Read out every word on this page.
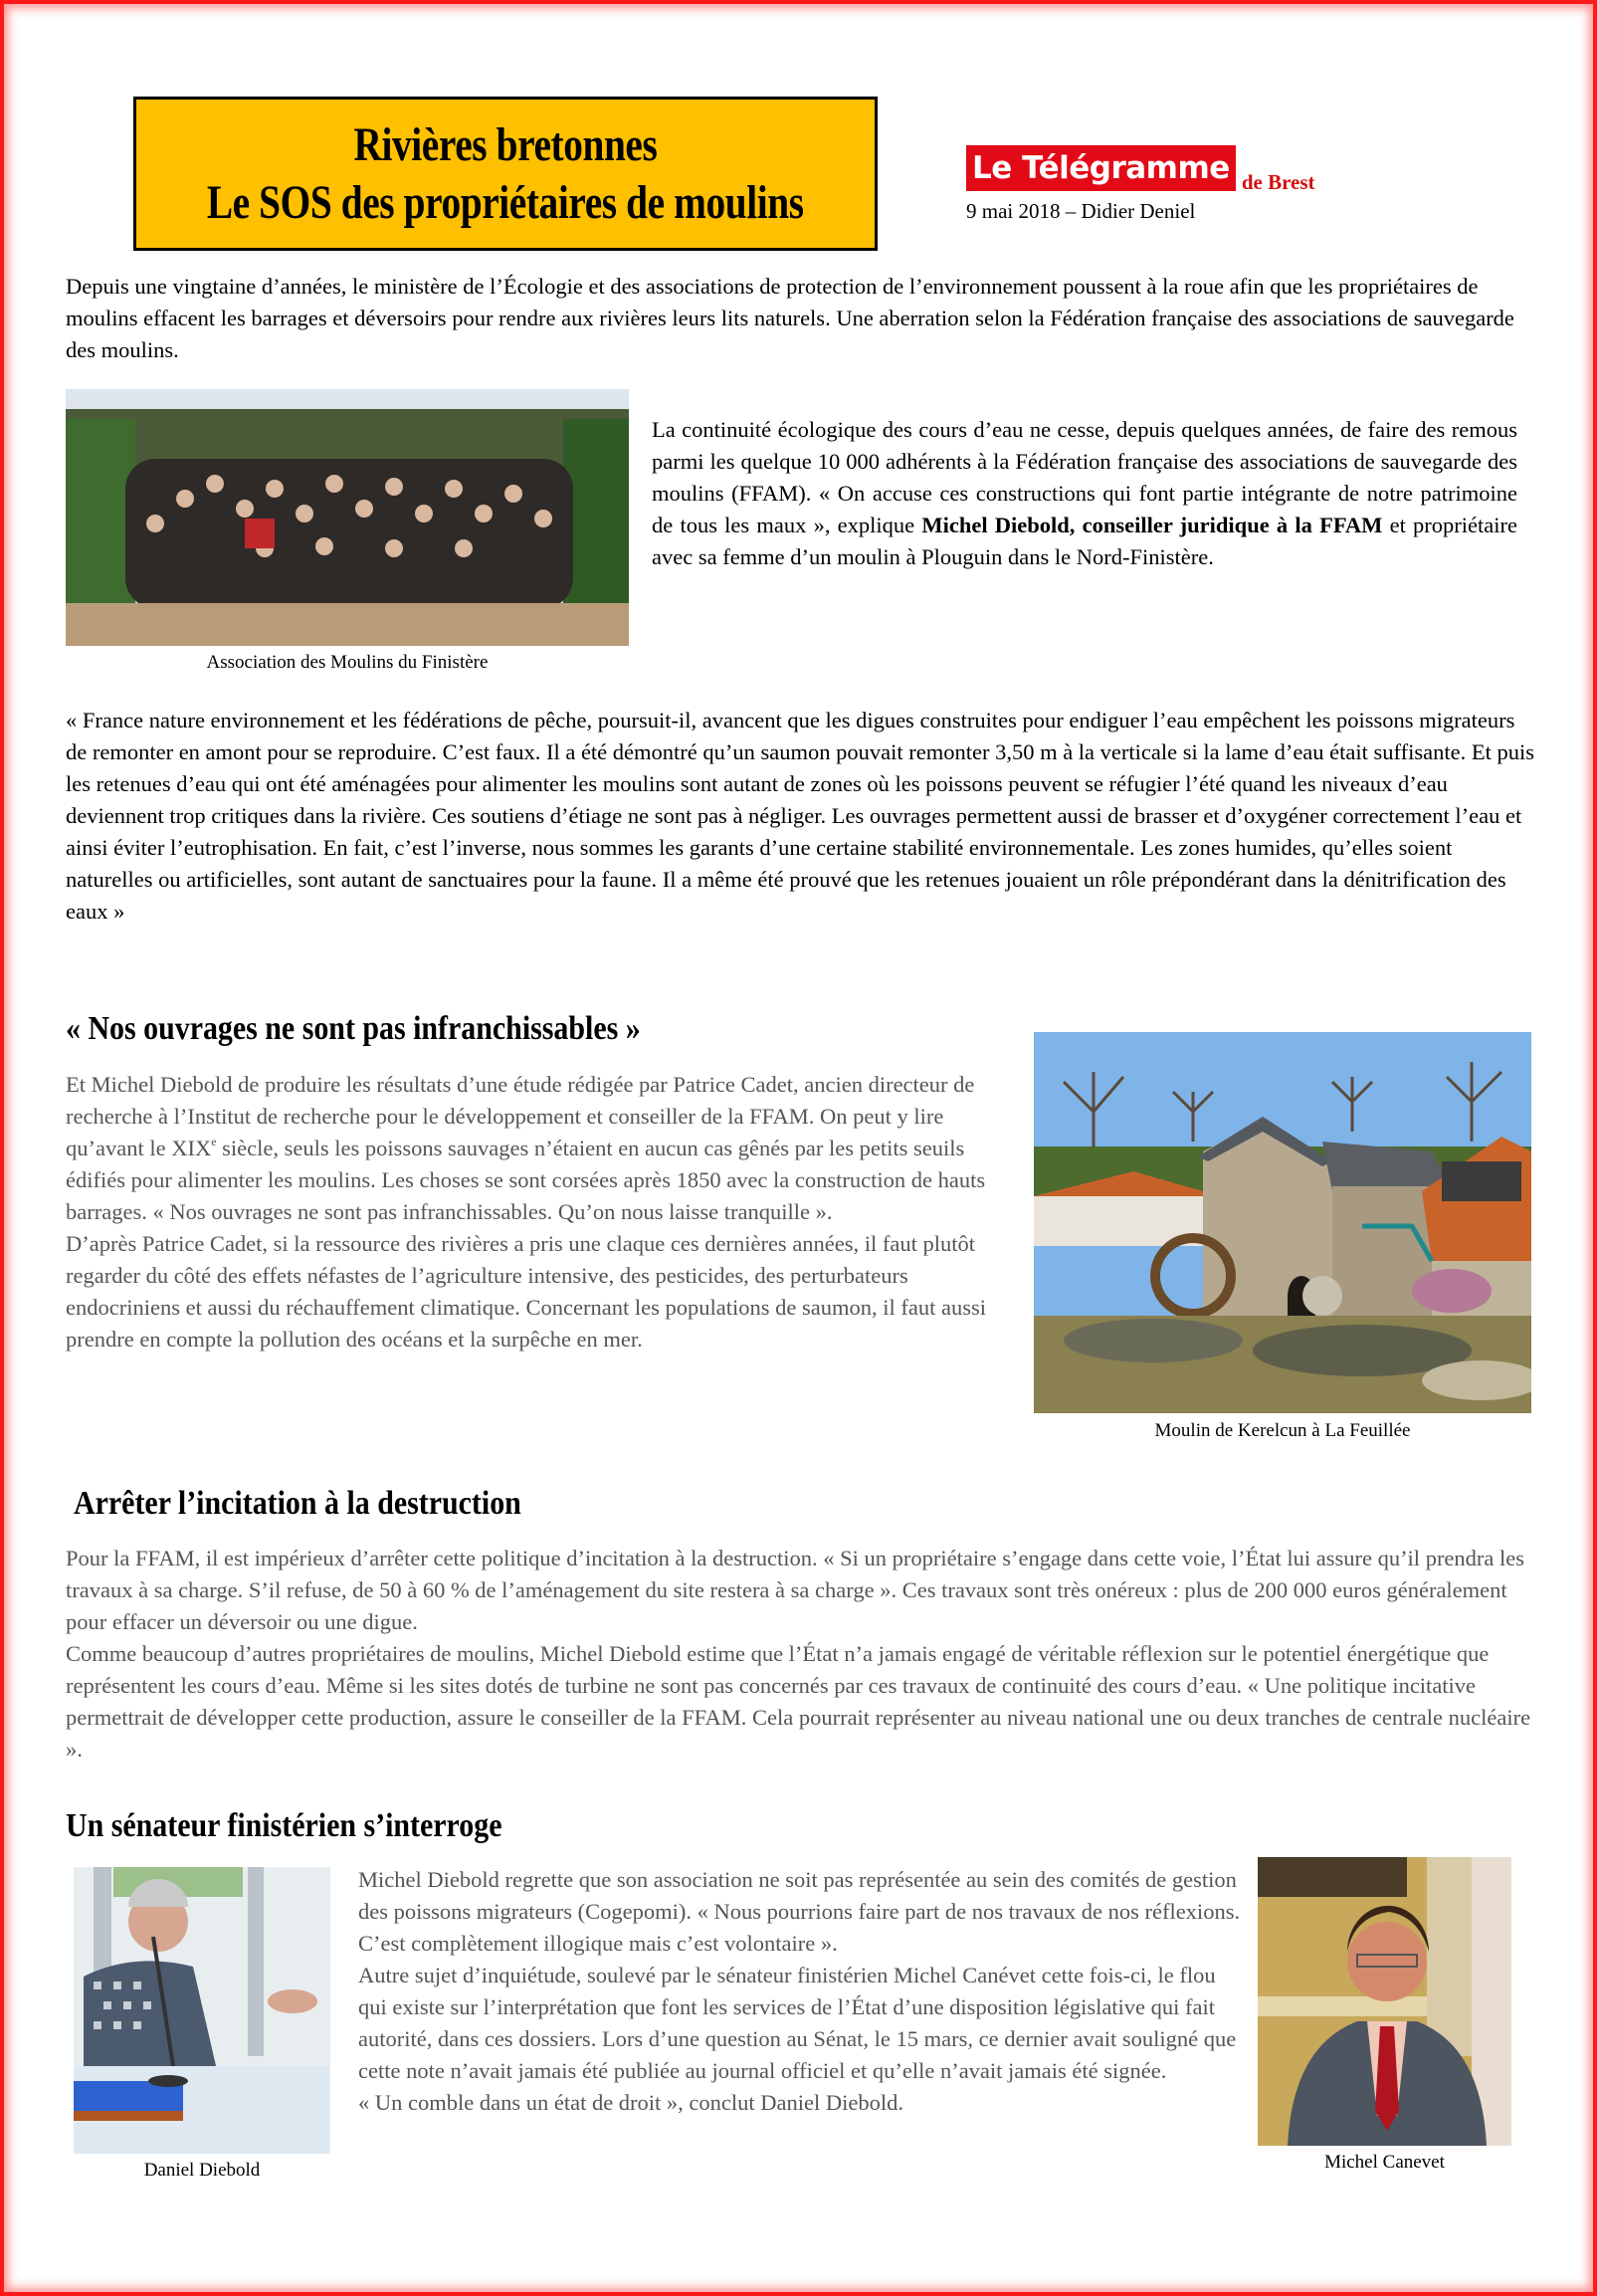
Rivières bretonnes
Le SOS des propriétaires de moulins
Le Télégramme de Brest
9 mai 2018 – Didier Deniel
Depuis une vingtaine d’années, le ministère de l’Écologie et des associations de protection de l’environnement poussent à la roue afin que les propriétaires de moulins effacent les barrages et déversoirs pour rendre aux rivières leurs lits naturels. Une aberration selon la Fédération française des associations de sauvegarde des moulins.
Association des Moulins du Finistère
La continuité écologique des cours d’eau ne cesse, depuis quelques années, de faire des remous parmi les quelque 10 000 adhérents à la Fédération française des associations de sauvegarde des moulins (FFAM). « On accuse ces constructions qui font partie intégrante de notre patrimoine de tous les maux », explique Michel Diebold, conseiller juridique à la FFAM et propriétaire avec sa femme d’un moulin à Plouguin dans le Nord-Finistère.
« France nature environnement et les fédérations de pêche, poursuit-il, avancent que les digues construites pour endiguer l’eau empêchent les poissons migrateurs de remonter en amont pour se reproduire. C’est faux. Il a été démontré qu’un saumon pouvait remonter 3,50 m à la verticale si la lame d’eau était suffisante. Et puis les retenues d’eau qui ont été aménagées pour alimenter les moulins sont autant de zones où les poissons peuvent se réfugier l’été quand les niveaux d’eau deviennent trop critiques dans la rivière. Ces soutiens d’étiage ne sont pas à négliger. Les ouvrages permettent aussi de brasser et d’oxygéner correctement l’eau et ainsi éviter l’eutrophisation. En fait, c’est l’inverse, nous sommes les garants d’une certaine stabilité environnementale. Les zones humides, qu’elles soient naturelles ou artificielles, sont autant de sanctuaires pour la faune. Il a même été prouvé que les retenues jouaient un rôle prépondérant dans la dénitrification des eaux »
« Nos ouvrages ne sont pas infranchissables »

Et Michel Diebold de produire les résultats d’une étude rédigée par Patrice Cadet, ancien directeur de recherche à l’Institut de recherche pour le développement et conseiller de la FFAM. On peut y lire qu’avant le XIXe siècle, seuls les poissons sauvages n’étaient en aucun cas gênés par les petits seuils édifiés pour alimenter les moulins. Les choses se sont corsées après 1850 avec la construction de hauts barrages. « Nos ouvrages ne sont pas infranchissables. Qu’on nous laisse tranquille ».

D’après Patrice Cadet, si la ressource des rivières a pris une claque ces dernières années, il faut plutôt regarder du côté des effets néfastes de l’agriculture intensive, des pesticides, des perturbateurs endocriniens et aussi du réchauffement climatique. Concernant les populations de saumon, il faut aussi prendre en compte la pollution des océans et la surpêche en mer.

Moulin de Kerelcun à La Feuillée
Arrêter l’incitation à la destruction

Pour la FFAM, il est impérieux d’arrêter cette politique d’incitation à la destruction. « Si un propriétaire s’engage dans cette voie, l’État lui assure qu’il prendra les travaux à sa charge. S’il refuse, de 50 à 60 % de l’aménagement du site restera à sa charge ». Ces travaux sont très onéreux : plus de 200 000 euros généralement pour effacer un déversoir ou une digue.

Comme beaucoup d’autres propriétaires de moulins, Michel Diebold estime que l’État n’a jamais engagé de véritable réflexion sur le potentiel énergétique que représentent les cours d’eau. Même si les sites dotés de turbine ne sont pas concernés par ces travaux de continuité des cours d’eau. « Une politique incitative permettrait de développer cette production, assure le conseiller de la FFAM. Cela pourrait représenter au niveau national une ou deux tranches de centrale nucléaire ».

Un sénateur finistérien s’interroge
Daniel Diebold

Michel Diebold regrette que son association ne soit pas représentée au sein des comités de gestion des poissons migrateurs (Cogepomi). « Nous pourrions faire part de nos travaux de nos réflexions. C’est complètement illogique mais c’est volontaire ».

Autre sujet d’inquiétude, soulevé par le sénateur finistérien Michel Canévet cette fois-ci, le flou qui existe sur l’interprétation que font les services de l’État d’une disposition législative qui fait autorité, dans ces dossiers. Lors d’une question au Sénat, le 15 mars, ce dernier avait souligné que cette note n’avait jamais été publiée au journal officiel et qu’elle n’avait jamais été signée.

« Un comble dans un état de droit », conclut Daniel Diebold.

Michel Canevet
